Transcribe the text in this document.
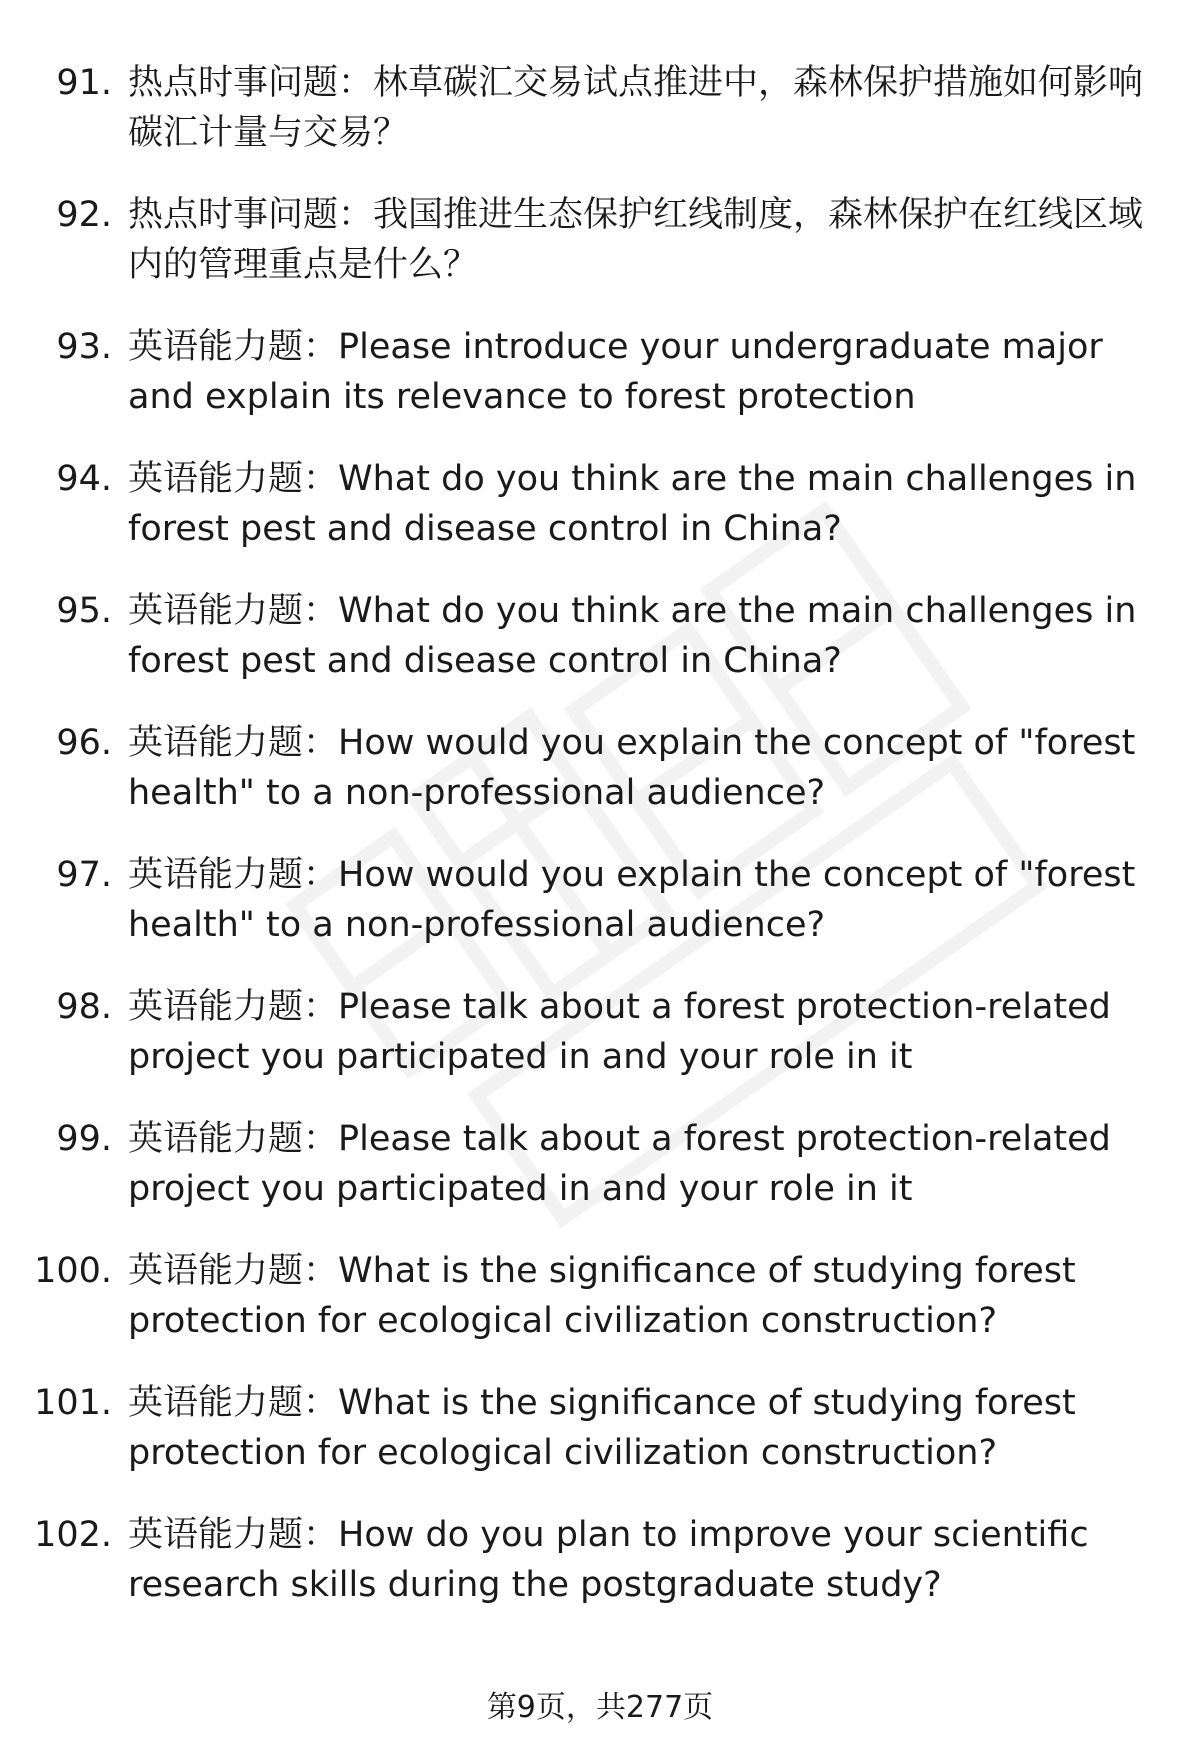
91. 热点时事问题：林草碳汇交易试点推进中，森林保护措施如何影响碳汇计量与交易？
92. 热点时事问题：我国推进生态保护红线制度，森林保护在红线区域内的管理重点是什么？
93. 英语能力题：Please introduce your undergraduate major and explain its relevance to forest protection
94. 英语能力题：What do you think are the main challenges in forest pest and disease control in China?
95. 英语能力题：What do you think are the main challenges in forest pest and disease control in China?
96. 英语能力题：How would you explain the concept of "forest health" to a non-professional audience?
97. 英语能力题：How would you explain the concept of "forest health" to a non-professional audience?
98. 英语能力题：Please talk about a forest protection-related project you participated in and your role in it
99. 英语能力题：Please talk about a forest protection-related project you participated in and your role in it
100. 英语能力题：What is the significance of studying forest protection for ecological civilization construction?
101. 英语能力题：What is the significance of studying forest protection for ecological civilization construction?
102. 英语能力题：How do you plan to improve your scientific research skills during the postgraduate study?
第9页，共277页
